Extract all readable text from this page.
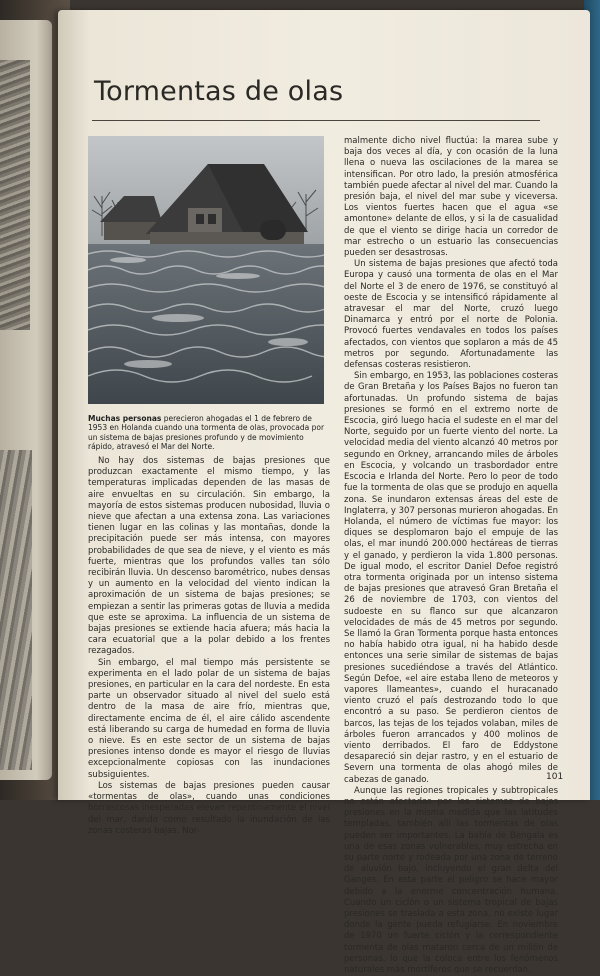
Tormentas de olas

Muchas personas perecieron ahogadas el 1 de febrero de 1953 en Holanda cuando una tormenta de olas, provocada por un sistema de bajas presiones profundo y de movimiento rápido, atravesó el Mar del Norte.

No hay dos sistemas de bajas presiones que produzcan exactamente el mismo tiempo, y las temperaturas implicadas dependen de las masas de aire envueltas en su circulación. Sin embargo, la mayoría de estos sistemas producen nubosidad, lluvia o nieve que afectan a una extensa zona. Las variaciones tienen lugar en las colinas y las montañas, donde la precipitación puede ser más intensa, con mayores probabilidades de que sea de nieve, y el viento es más fuerte, mientras que los profundos valles tan sólo recibirán lluvia. Un descenso barométrico, nubes densas y un aumento en la velocidad del viento indican la aproximación de un sistema de bajas presiones; se empiezan a sentir las primeras gotas de lluvia a medida que este se aproxima. La influencia de un sistema de bajas presiones se extiende hacia afuera; más hacia la cara ecuatorial que a la polar debido a los frentes rezagados.

Sin embargo, el mal tiempo más persistente se experimenta en el lado polar de un sistema de bajas presiones, en particular en la cara del nordeste. En esta parte un observador situado al nivel del suelo está dentro de la masa de aire frío, mientras que, directamente encima de él, el aire cálido ascendente está liberando su carga de humedad en forma de lluvia o nieve. Es en este sector de un sistema de bajas presiones intenso donde es mayor el riesgo de lluvias excepcionalmente copiosas con las inundaciones subsiguientes.

Los sistemas de bajas presiones pueden causar «tormentas de olas», cuando unas condiciones borrascosas inesperadas elevan repentinamente el nivel del mar, dando como resultado la inundación de las zonas costeras bajas. Nor-

malmente dicho nivel fluctúa: la marea sube y baja dos veces al día, y con ocasión de la luna llena o nueva las oscilaciones de la marea se intensifican. Por otro lado, la presión atmosférica también puede afectar al nivel del mar. Cuando la presión baja, el nivel del mar sube y viceversa. Los vientos fuertes hacen que el agua «se amontone» delante de ellos, y si la de casualidad de que el viento se dirige hacia un corredor de mar estrecho o un estuario las consecuencias pueden ser desastrosas.

Un sistema de bajas presiones que afectó toda Europa y causó una tormenta de olas en el Mar del Norte el 3 de enero de 1976, se constituyó al oeste de Escocia y se intensificó rápidamente al atravesar el mar del Norte, cruzó luego Dinamarca y entró por el norte de Polonia. Provocó fuertes vendavales en todos los países afectados, con vientos que soplaron a más de 45 metros por segundo. Afortunadamente las defensas costeras resistieron.

Sin embargo, en 1953, las poblaciones costeras de Gran Bretaña y los Países Bajos no fueron tan afortunadas. Un profundo sistema de bajas presiones se formó en el extremo norte de Escocia, giró luego hacia el sudeste en el mar del Norte, seguido por un fuerte viento del norte. La velocidad media del viento alcanzó 40 metros por segundo en Orkney, arrancando miles de árboles en Escocia, y volcando un trasbordador entre Escocia e Irlanda del Norte. Pero lo peor de todo fue la tormenta de olas que se produjo en aquella zona. Se inundaron extensas áreas del este de Inglaterra, y 307 personas murieron ahogadas. En Holanda, el número de víctimas fue mayor: los diques se desplomaron bajo el empuje de las olas, el mar inundó 200.000 hectáreas de tierras y el ganado, y perdieron la vida 1.800 personas. De igual modo, el escritor Daniel Defoe registró otra tormenta originada por un intenso sistema de bajas presiones que atravesó Gran Bretaña el 26 de noviembre de 1703, con vientos del sudoeste en su flanco sur que alcanzaron velocidades de más de 45 metros por segundo. Se llamó la Gran Tormenta porque hasta entonces no había habido otra igual, ni ha habido desde entonces una serie similar de sistemas de bajas presiones sucediéndose a través del Atlántico. Según Defoe, «el aire estaba lleno de meteoros y vapores llameantes», cuando el huracanado viento cruzó el país destrozando todo lo que encontró a su paso. Se perdieron cientos de barcos, las tejas de los tejados volaban, miles de árboles fueron arrancados y 400 molinos de viento derribados. El faro de Eddystone desapareció sin dejar rastro, y en el estuario de Severn una tormenta de olas ahogó miles de cabezas de ganado.

Aunque las regiones tropicales y subtropicales no están afectadas por los sistemas de bajas presiones en la misma medida que las latitudes templadas, también allí las tormentas de olas pueden ser importantes. La bahía de Bengala es una de esas zonas vulnerables, muy estrecha en su parte norte y rodeada por una zona de terreno de aluvión bajo, incluyendo el gran delta del Ganges. En esta parte el peligro se hace mayor debido a la enorme concentración humana. Cuando un ciclón o un sistema tropical de bajas presiones se traslada a esta zona, no existe lugar donde la gente pueda refugiarse. En noviembre de 1970 un fuerte ciclón y la correspondiente tormenta de olas mataron cerca de un millón de personas, lo que la coloca entre los fenómenos naturales más mortíferos que se recuerdan.

101
